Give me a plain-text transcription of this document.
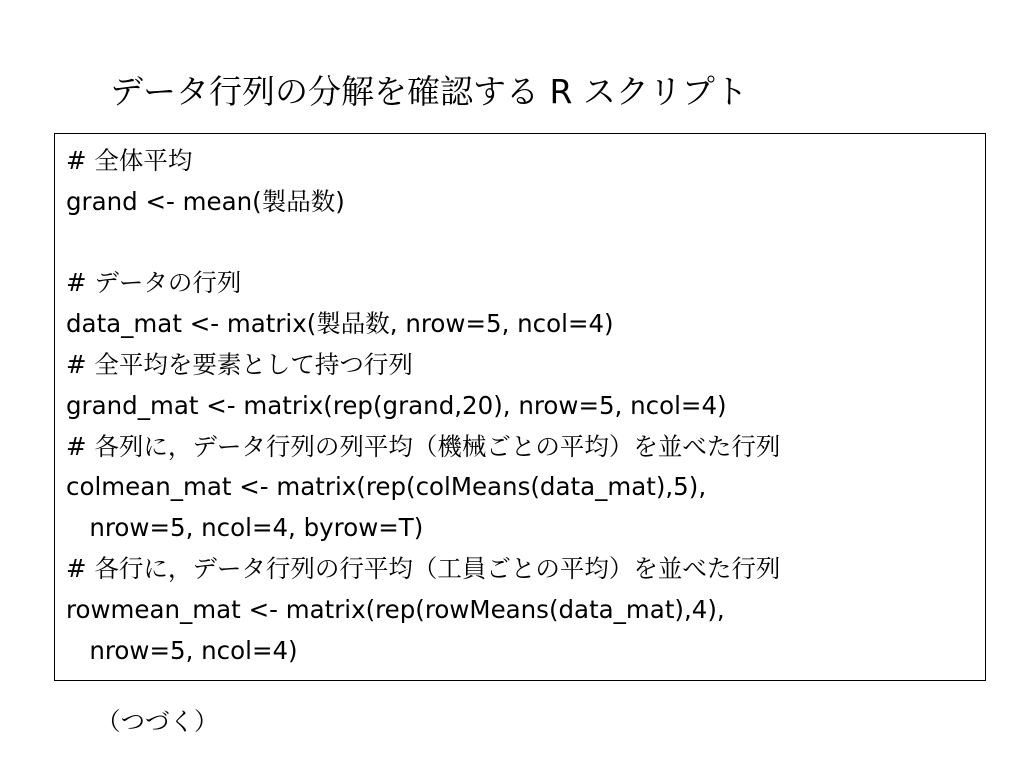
データ行列の分解を確認する R スクリプト
# 全体平均
grand <- mean(製品数)
# データの行列
data_mat <- matrix(製品数, nrow=5, ncol=4)
# 全平均を要素として持つ行列
grand_mat <- matrix(rep(grand,20), nrow=5, ncol=4)
# 各列に，データ行列の列平均（機械ごとの平均）を並べた行列
colmean_mat <- matrix(rep(colMeans(data_mat),5),
nrow=5, ncol=4, byrow=T)
# 各行に，データ行列の行平均（工員ごとの平均）を並べた行列
rowmean_mat <- matrix(rep(rowMeans(data_mat),4),
nrow=5, ncol=4)
（つづく）
